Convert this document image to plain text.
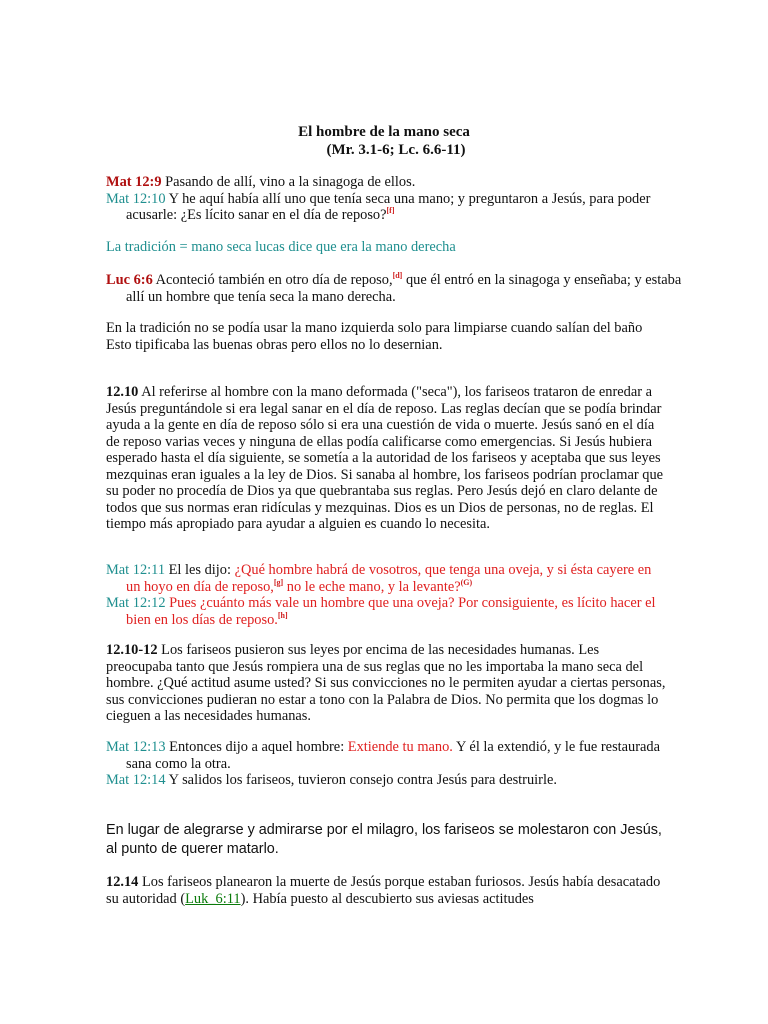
El hombre de la mano seca
(Mr. 3.1-6; Lc. 6.6-11)
Mat 12:9 Pasando de allí, vino a la sinagoga de ellos.
Mat 12:10 Y he aquí había allí uno que tenía seca una mano; y preguntaron a Jesús, para poder acusarle: ¿Es lícito sanar en el día de reposo?[f]
La tradición = mano seca lucas dice que era la mano derecha
Luc 6:6 Aconteció también en otro día de reposo,[d] que él entró en la sinagoga y enseñaba; y estaba allí un hombre que tenía seca la mano derecha.
En la tradición no se podía usar la mano izquierda solo para limpiarse cuando salían del baño
Esto tipificaba las buenas obras pero ellos no lo desernian.
12.10 Al referirse al hombre con la mano deformada ("seca"), los fariseos trataron de enredar a Jesús preguntándole si era legal sanar en el día de reposo. Las reglas decían que se podía brindar ayuda a la gente en día de reposo sólo si era una cuestión de vida o muerte. Jesús sanó en el día de reposo varias veces y ninguna de ellas podía calificarse como emergencias. Si Jesús hubiera esperado hasta el día siguiente, se sometía a la autoridad de los fariseos y aceptaba que sus leyes mezquinas eran iguales a la ley de Dios. Si sanaba al hombre, los fariseos podrían proclamar que su poder no procedía de Dios ya que quebrantaba sus reglas. Pero Jesús dejó en claro delante de todos que sus normas eran ridículas y mezquinas. Dios es un Dios de personas, no de reglas. El tiempo más apropiado para ayudar a alguien es cuando lo necesita.
Mat 12:11 El les dijo: ¿Qué hombre habrá de vosotros, que tenga una oveja, y si ésta cayere en un hoyo en día de reposo,[g] no le eche mano, y la levante?$^{(G)}$
Mat 12:12 Pues ¿cuánto más vale un hombre que una oveja? Por consiguiente, es lícito hacer el bien en los días de reposo.[h]
12.10-12 Los fariseos pusieron sus leyes por encima de las necesidades humanas. Les preocupaba tanto que Jesús rompiera una de sus reglas que no les importaba la mano seca del hombre. ¿Qué actitud asume usted? Si sus convicciones no le permiten ayudar a ciertas personas, sus convicciones pudieran no estar a tono con la Palabra de Dios. No permita que los dogmas lo cieguen a las necesidades humanas.
Mat 12:13 Entonces dijo a aquel hombre: Extiende tu mano. Y él la extendió, y le fue restaurada sana como la otra.
Mat 12:14 Y salidos los fariseos, tuvieron consejo contra Jesús para destruirle.
En lugar de alegrarse y admirarse por el milagro, los fariseos se molestaron con Jesús, al punto de querer matarlo.
12.14 Los fariseos planearon la muerte de Jesús porque estaban furiosos. Jesús había desacatado su autoridad (Luk_6:11). Había puesto al descubierto sus aviesas actitudes
